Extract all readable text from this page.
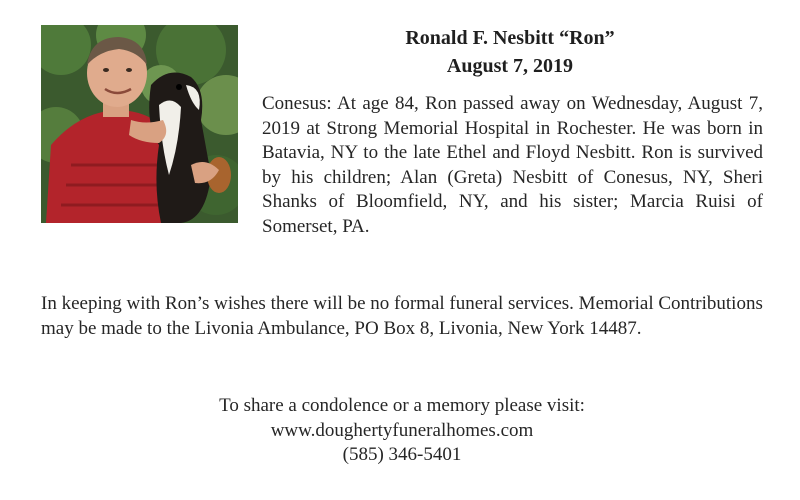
Ronald F. Nesbitt “Ron”
August 7, 2019

Conesus: At age 84, Ron passed away on Wednesday, August 7, 2019 at Strong Memorial Hospital in Rochester. He was born in Batavia, NY to the late Ethel and Floyd Nesbitt. Ron is survived by his children; Alan (Greta) Nesbitt of Conesus, NY, Sheri Shanks of Bloomfield, NY, and his sister; Marcia Ruisi of Somerset, PA.

In keeping with Ron’s wishes there will be no formal funeral services. Memorial Contributions may be made to the Livonia Ambulance, PO Box 8, Livonia, New York 14487.

To share a condolence or a memory please visit:
www.doughertyfuneralhomes.com
(585) 346-5401
